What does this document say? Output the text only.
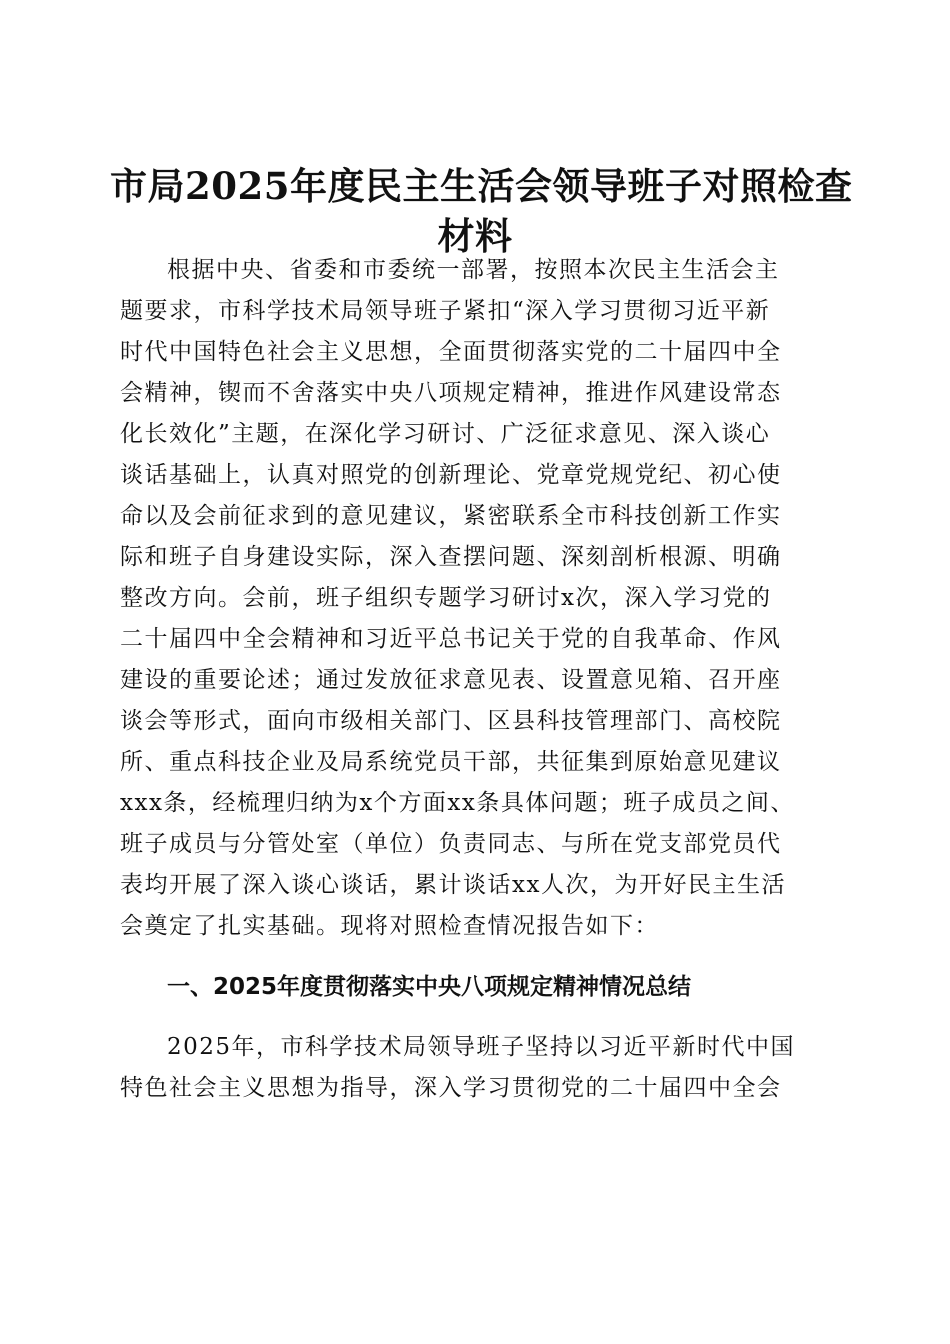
市局2025年度民主生活会领导班子对照检查
材料
根据中央、省委和市委统一部署，按照本次民主生活会主
题要求，市科学技术局领导班子紧扣“深入学习贯彻习近平新
时代中国特色社会主义思想，全面贯彻落实党的二十届四中全
会精神，锲而不舍落实中央八项规定精神，推进作风建设常态
化长效化”主题，在深化学习研讨、广泛征求意见、深入谈心
谈话基础上，认真对照党的创新理论、党章党规党纪、初心使
命以及会前征求到的意见建议，紧密联系全市科技创新工作实
际和班子自身建设实际，深入查摆问题、深刻剖析根源、明确
整改方向。会前，班子组织专题学习研讨x次，深入学习党的
二十届四中全会精神和习近平总书记关于党的自我革命、作风
建设的重要论述；通过发放征求意见表、设置意见箱、召开座
谈会等形式，面向市级相关部门、区县科技管理部门、高校院
所、重点科技企业及局系统党员干部，共征集到原始意见建议
xxx条，经梳理归纳为x个方面xx条具体问题；班子成员之间、
班子成员与分管处室（单位）负责同志、与所在党支部党员代
表均开展了深入谈心谈话，累计谈话xx人次，为开好民主生活
会奠定了扎实基础。现将对照检查情况报告如下：
一、2025年度贯彻落实中央八项规定精神情况总结
2025年，市科学技术局领导班子坚持以习近平新时代中国
特色社会主义思想为指导，深入学习贯彻党的二十届四中全会
